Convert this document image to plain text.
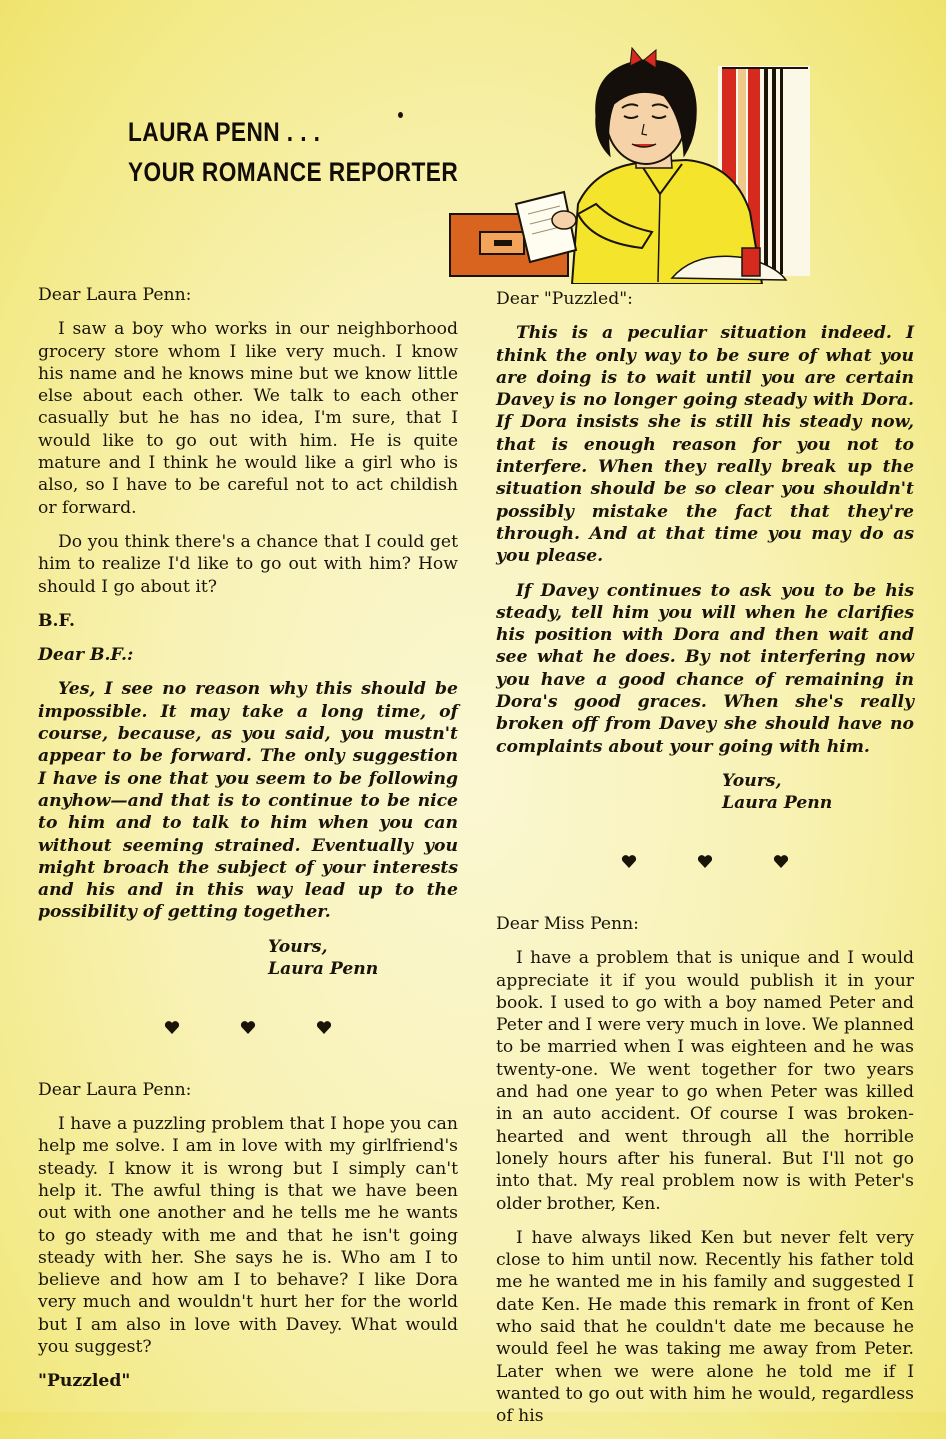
LAURA PENN . . .
YOUR ROMANCE REPORTER

Dear Laura Penn:

I saw a boy who works in our neighborhood grocery store whom I like very much. I know his name and he knows mine but we know little else about each other. We talk to each other casually but he has no idea, I'm sure, that I would like to go out with him. He is quite mature and I think he would like a girl who is also, so I have to be careful not to act childish or forward.

Do you think there's a chance that I could get him to realize I'd like to go out with him? How should I go about it?

B.F.

Dear B.F.:

Yes, I see no reason why this should be impossible. It may take a long time, of course, because, as you said, you mustn't appear to be forward. The only suggestion I have is one that you seem to be following anyhow—and that is to continue to be nice to him and to talk to him when you can without seeming strained. Eventually you might broach the subject of your interests and his and in this way lead up to the possibility of getting together.

Yours,
Laura Penn

Dear Laura Penn:

I have a puzzling problem that I hope you can help me solve. I am in love with my girlfriend's steady. I know it is wrong but I simply can't help it. The awful thing is that we have been out with one another and he tells me he wants to go steady with me and that he isn't going steady with her. She says he is. Who am I to believe and how am I to behave? I like Dora very much and wouldn't hurt her for the world but I am also in love with Davey. What would you suggest?

"Puzzled"

Dear "Puzzled":

This is a peculiar situation indeed. I think the only way to be sure of what you are doing is to wait until you are certain Davey is no longer going steady with Dora. If Dora insists she is still his steady now, that is enough reason for you not to interfere. When they really break up the situation should be so clear you shouldn't possibly mistake the fact that they're through. And at that time you may do as you please.

If Davey continues to ask you to be his steady, tell him you will when he clarifies his position with Dora and then wait and see what he does. By not interfering now you have a good chance of remaining in Dora's good graces. When she's really broken off from Davey she should have no complaints about your going with him.

Yours,
Laura Penn

Dear Miss Penn:

I have a problem that is unique and I would appreciate it if you would publish it in your book. I used to go with a boy named Peter and Peter and I were very much in love. We planned to be married when I was eighteen and he was twenty-one. We went together for two years and had one year to go when Peter was killed in an auto accident. Of course I was broken-hearted and went through all the horrible lonely hours after his funeral. But I'll not go into that. My real problem now is with Peter's older brother, Ken.

I have always liked Ken but never felt very close to him until now. Recently his father told me he wanted me in his family and suggested I date Ken. He made this remark in front of Ken who said that he couldn't date me because he would feel he was taking me away from Peter. Later when we were alone he told me if I wanted to go out with him he would, regardless of his
